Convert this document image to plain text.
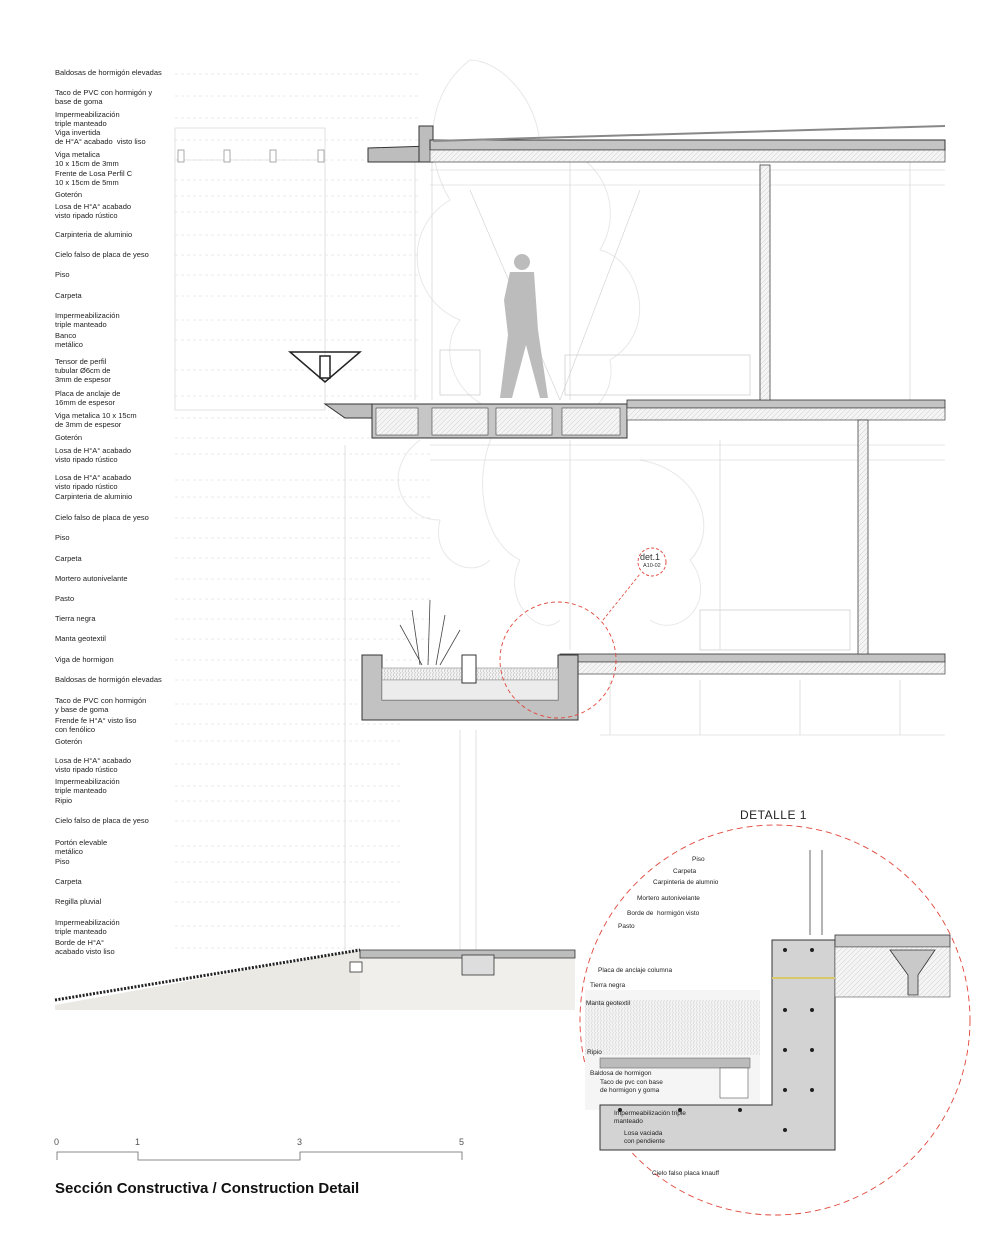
Baldosas de hormigón elevadas
Taco de PVC con hormigón y
base de goma
Impermeabilización
triple manteado
Viga invertida
de H°A° acabado  visto liso
Viga metalica
10 x 15cm de 3mm
Frente de Losa Perfil C
10 x 15cm de 5mm
Goterón
Losa de H°A° acabado
visto ripado rústico
Carpinteria de aluminio
Cielo falso de placa de yeso
Piso
Carpeta
Impermeabilización
triple manteado
Banco
metálico
Tensor de perfil
tubular Ø6cm de
3mm de espesor
Placa de anclaje de
16mm de espesor
Viga metalica 10 x 15cm
de 3mm de espesor
Goterón
Losa de H°A° acabado
visto ripado rústico
Losa de H°A° acabado
visto ripado rústico
Carpinteria de aluminio
Cielo falso de placa de yeso
Piso
Carpeta
Mortero autonivelante
Pasto
Tierra negra
Manta geotextil
Viga de hormigon
Baldosas de hormigón elevadas
Taco de PVC con hormigón
y base de goma
Frende fe H°A° visto liso
con fenólico
Goterón
Losa de H°A° acabado
visto ripado rústico
Impermeabilización
triple manteado
Ripio
Cielo falso de placa de yeso
Portón elevable
metálico
Piso
Carpeta
Regilla pluvial
Impermeabilización
triple manteado
Borde de H°A°
acabado visto liso
det.1
A10-02
DETALLE 1
Piso
Carpeta
Carpinteria de alumnio
Mortero autonivelante
Borde de  hormigón visto
Pasto
Placa de anclaje columna
Tierra negra
Manta geotextil
Ripio
Baldosa de hormigon
Taco de pvc con base
de hormigon y goma
Impermeabilización triple
manteado
Losa vaciada
con pendiente
Cielo falso placa knauff
0	1	3	5
Sección Constructiva / Construction Detail
